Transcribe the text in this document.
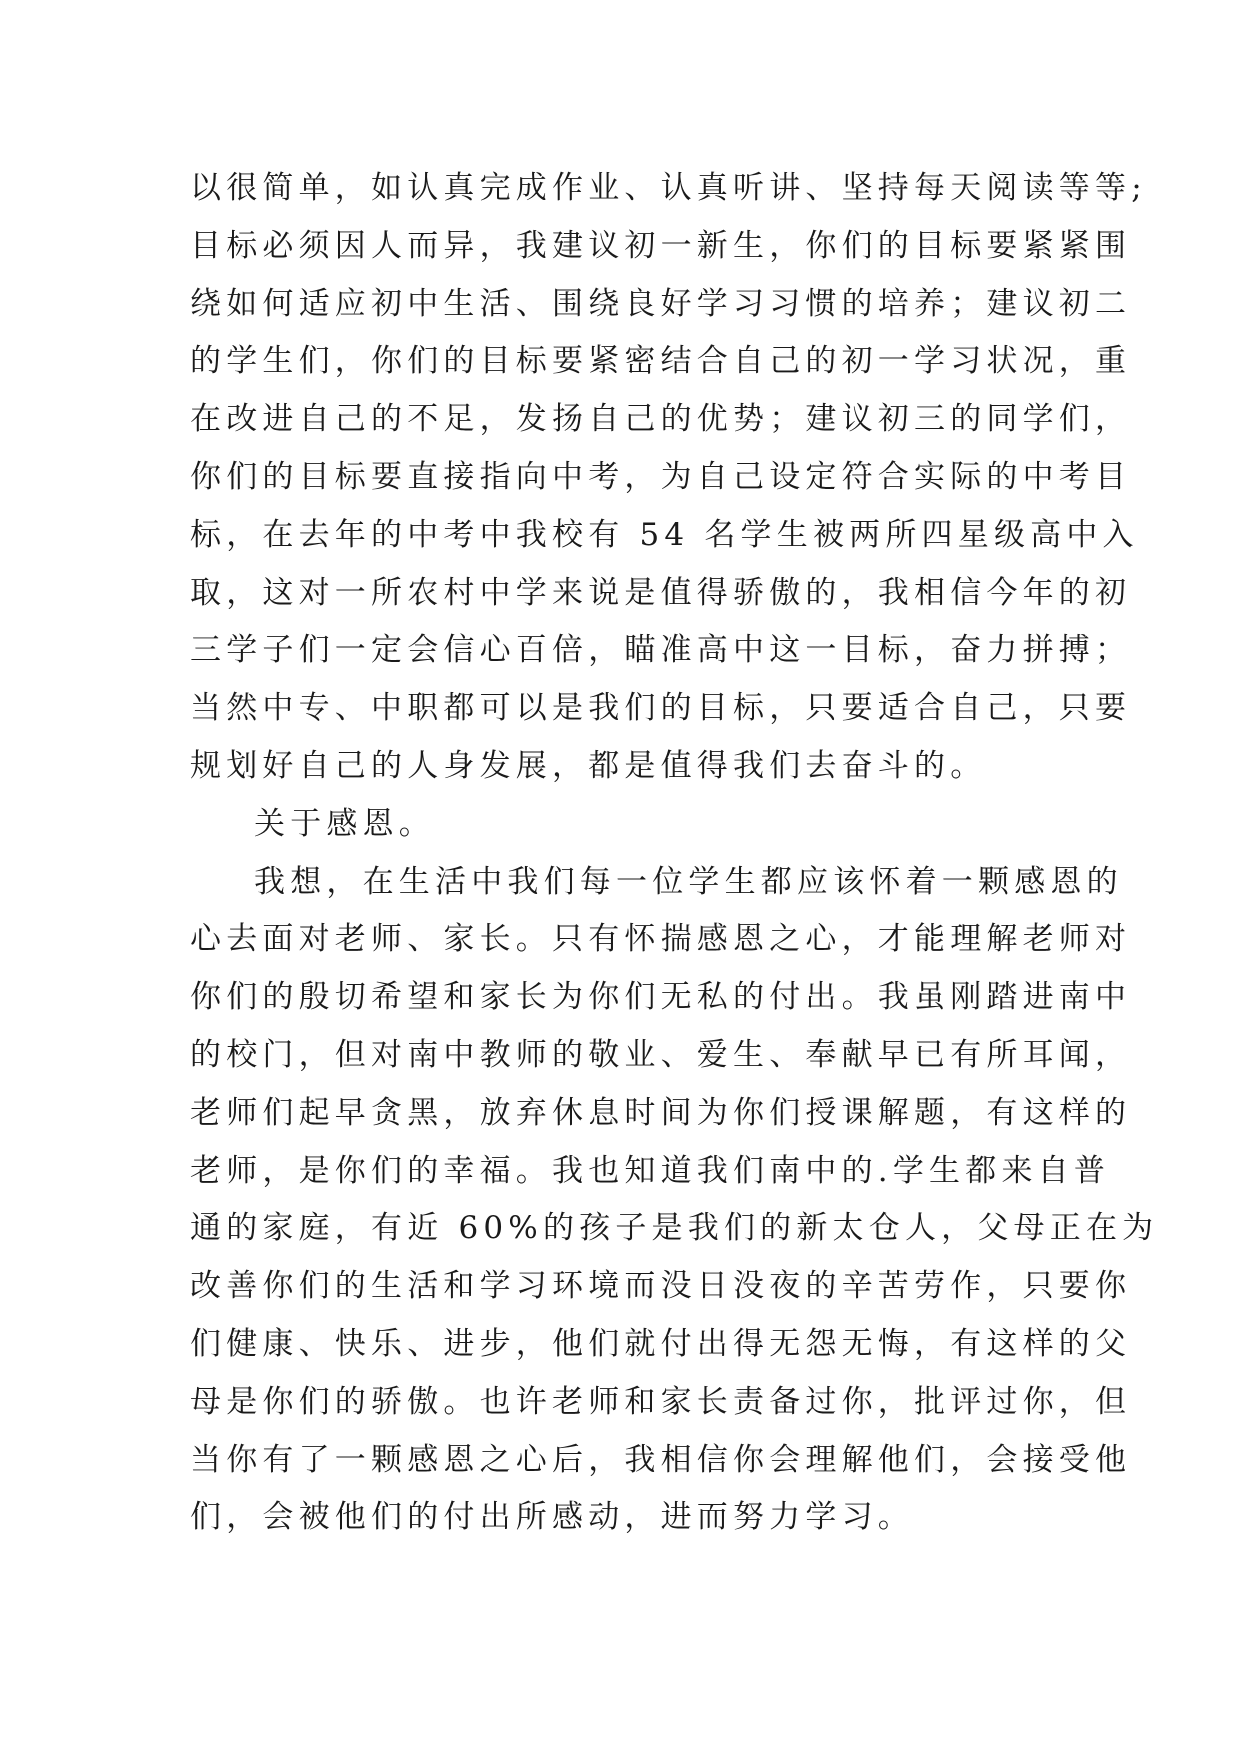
以很简单，如认真完成作业、认真听讲、坚持每天阅读等等;
目标必须因人而异，我建议初一新生，你们的目标要紧紧围
绕如何适应初中生活、围绕良好学习习惯的培养；建议初二
的学生们，你们的目标要紧密结合自己的初一学习状况，重
在改进自己的不足，发扬自己的优势；建议初三的同学们，
你们的目标要直接指向中考，为自己设定符合实际的中考目
标，在去年的中考中我校有 54 名学生被两所四星级高中入
取，这对一所农村中学来说是值得骄傲的，我相信今年的初
三学子们一定会信心百倍，瞄准高中这一目标，奋力拼搏；
当然中专、中职都可以是我们的目标，只要适合自己，只要
规划好自己的人身发展，都是值得我们去奋斗的。
关于感恩。
我想，在生活中我们每一位学生都应该怀着一颗感恩的
心去面对老师、家长。只有怀揣感恩之心，才能理解老师对
你们的殷切希望和家长为你们无私的付出。我虽刚踏进南中
的校门，但对南中教师的敬业、爱生、奉献早已有所耳闻，
老师们起早贪黑，放弃休息时间为你们授课解题，有这样的
老师，是你们的幸福。我也知道我们南中的.学生都来自普
通的家庭，有近 60%的孩子是我们的新太仓人，父母正在为
改善你们的生活和学习环境而没日没夜的辛苦劳作，只要你
们健康、快乐、进步，他们就付出得无怨无悔，有这样的父
母是你们的骄傲。也许老师和家长责备过你，批评过你，但
当你有了一颗感恩之心后，我相信你会理解他们，会接受他
们，会被他们的付出所感动，进而努力学习。
